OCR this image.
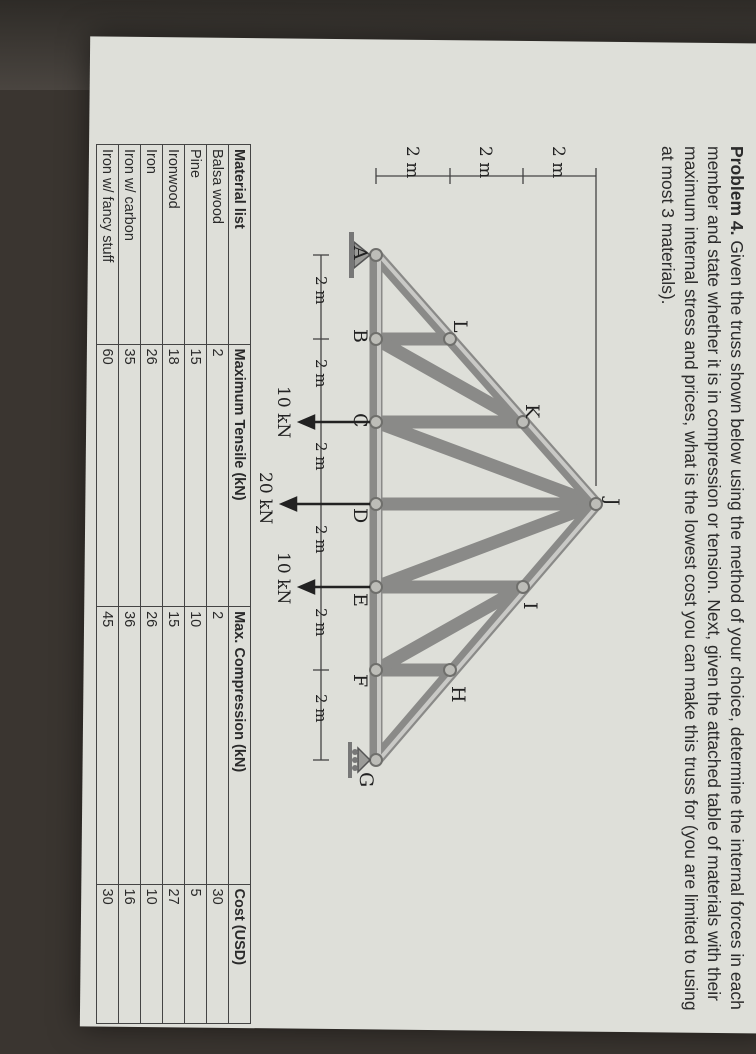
Problem 4. Given the truss shown below using the method of your choice, determine the internal forces in each member and state whether it is in compression or tension. Next, given the attached table of materials with their maximum internal stress and prices, what is the lowest cost you can make this truss for (you are limited to using at most 3 materials).
A
B
C
D
E
F
G
H
I
J
K
L
2 m
2 m
2 m
2 m
2 m
2 m
2 m
2 m
2 m
10 kN
20 kN
10 kN
Material list	Maximum Tensile (kN)	Max. Compression (kN)	Cost (USD)
Balsa wood	2	2	30
Pine	15	10	5
Ironwood	18	15	27
Iron	26	26	10
Iron w/ carbon	35	36	16
Iron w/ fancy stuff	60	45	30
